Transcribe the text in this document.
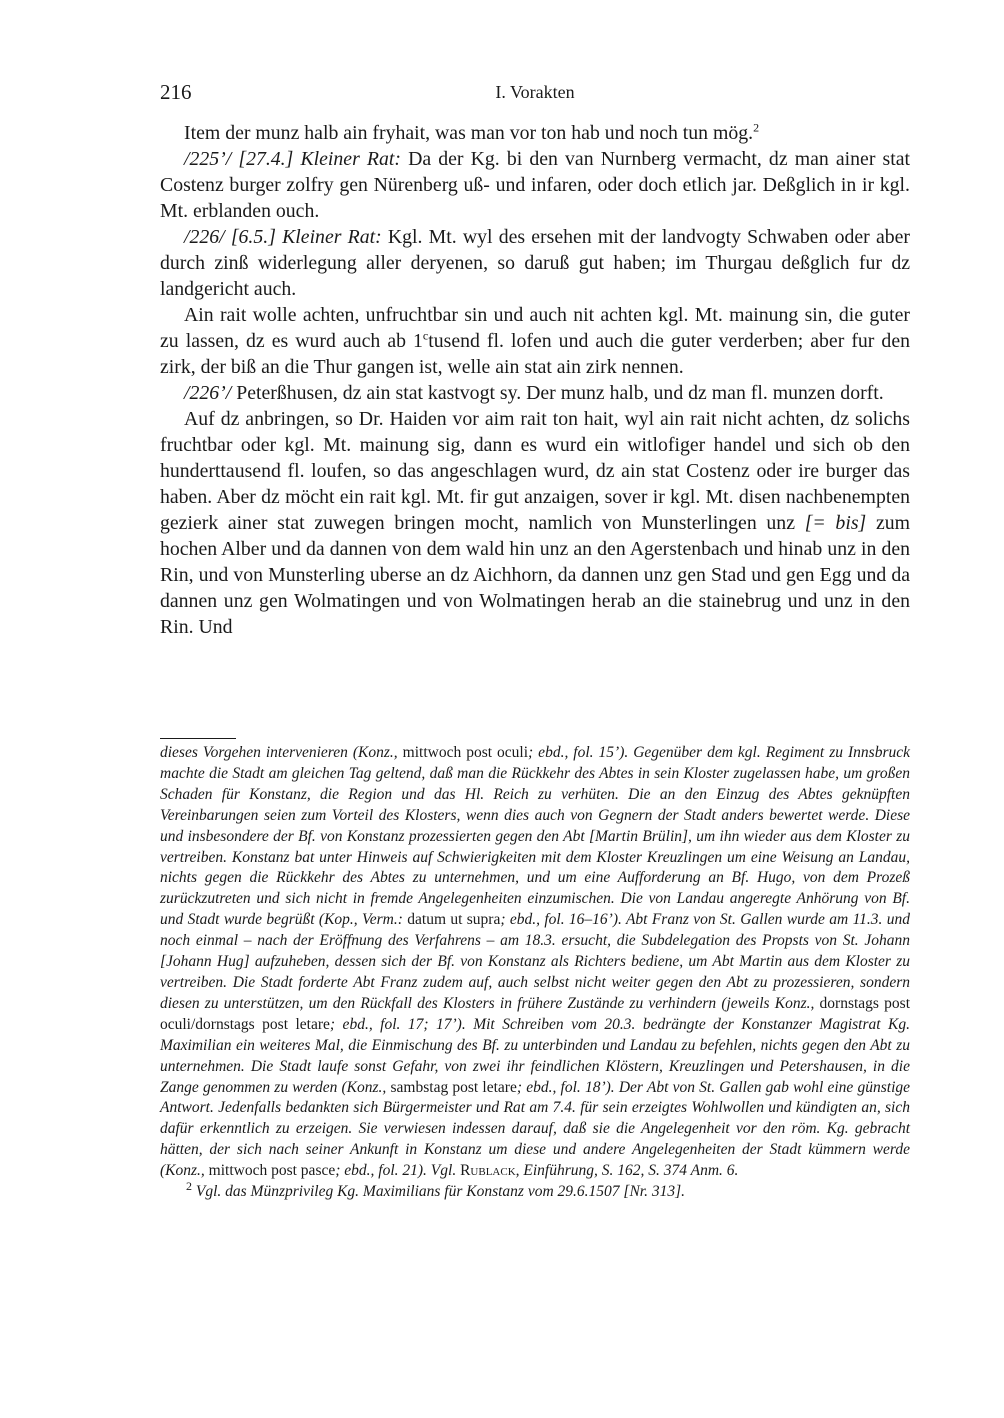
216	I. Vorakten

Item der munz halb ain fryhait, was man vor ton hab und noch tun mög.$^2$

/225’/ [27.4.] Kleiner Rat: Da der Kg. bi den van Nurnberg vermacht, dz man ainer stat Costenz burger zolfry gen Nürenberg uß- und infaren, oder doch etlich jar. Deßglich in ir kgl. Mt. erblanden ouch.

/226/ [6.5.] Kleiner Rat: Kgl. Mt. wyl des ersehen mit der landvogty Schwaben oder aber durch zinß widerlegung aller deryenen, so daruß gut haben; im Thurgau deßglich fur dz landgericht auch.

Ain rait wolle achten, unfruchtbar sin und auch nit achten kgl. Mt. mainung sin, die guter zu lassen, dz es wurd auch ab 1$^c$tusend fl. lofen und auch die guter verderben; aber fur den zirk, der biß an die Thur gangen ist, welle ain stat ain zirk nennen.

/226’/ Peterßhusen, dz ain stat kastvogt sy. Der munz halb, und dz man fl. munzen dorft.

Auf dz anbringen, so Dr. Haiden vor aim rait ton hait, wyl ain rait nicht achten, dz solichs fruchtbar oder kgl. Mt. mainung sig, dann es wurd ein witlofiger handel und sich ob den hunderttausend fl. loufen, so das angeschlagen wurd, dz ain stat Costenz oder ire burger das haben. Aber dz möcht ein rait kgl. Mt. fir gut anzaigen, sover ir kgl. Mt. disen nachbenempten gezierk ainer stat zuwegen bringen mocht, namlich von Munsterlingen unz [= bis] zum hochen Alber und da dannen von dem wald hin unz an den Agerstenbach und hinab unz in den Rin, und von Munsterling uberse an dz Aichhorn, da dannen unz gen Stad und gen Egg und da dannen unz gen Wolmatingen und von Wolmatingen herab an die stainebrug und unz in den Rin. Und

dieses Vorgehen intervenieren (Konz., mittwoch post oculi; ebd., fol. 15’). Gegenüber dem kgl. Regiment zu Innsbruck machte die Stadt am gleichen Tag geltend, daß man die Rückkehr des Abtes in sein Kloster zugelassen habe, um großen Schaden für Konstanz, die Region und das Hl. Reich zu verhüten. Die an den Einzug des Abtes geknüpften Vereinbarungen seien zum Vorteil des Klosters, wenn dies auch von Gegnern der Stadt anders bewertet werde. Diese und insbesondere der Bf. von Konstanz prozessierten gegen den Abt [Martin Brülin], um ihn wieder aus dem Kloster zu vertreiben. Konstanz bat unter Hinweis auf Schwierigkeiten mit dem Kloster Kreuzlingen um eine Weisung an Landau, nichts gegen die Rückkehr des Abtes zu unternehmen, und um eine Aufforderung an Bf. Hugo, von dem Prozeß zurückzutreten und sich nicht in fremde Angelegenheiten einzumischen. Die von Landau angeregte Anhörung von Bf. und Stadt wurde begrüßt (Kop., Verm.: datum ut supra; ebd., fol. 16–16’). Abt Franz von St. Gallen wurde am 11.3. und noch einmal – nach der Eröffnung des Verfahrens – am 18.3. ersucht, die Subdelegation des Propsts von St. Johann [Johann Hug] aufzuheben, dessen sich der Bf. von Konstanz als Richters bediene, um Abt Martin aus dem Kloster zu vertreiben. Die Stadt forderte Abt Franz zudem auf, auch selbst nicht weiter gegen den Abt zu prozessieren, sondern diesen zu unterstützen, um den Rückfall des Klosters in frühere Zustände zu verhindern (jeweils Konz., dornstags post oculi/dornstags post letare; ebd., fol. 17; 17’). Mit Schreiben vom 20.3. bedrängte der Konstanzer Magistrat Kg. Maximilian ein weiteres Mal, die Einmischung des Bf. zu unterbinden und Landau zu befehlen, nichts gegen den Abt zu unternehmen. Die Stadt laufe sonst Gefahr, von zwei ihr feindlichen Klöstern, Kreuzlingen und Petershausen, in die Zange genommen zu werden (Konz., sambstag post letare; ebd., fol. 18’). Der Abt von St. Gallen gab wohl eine günstige Antwort. Jedenfalls bedankten sich Bürgermeister und Rat am 7.4. für sein erzeigtes Wohlwollen und kündigten an, sich dafür erkenntlich zu erzeigen. Sie verwiesen indessen darauf, daß sie die Angelegenheit vor den röm. Kg. gebracht hätten, der sich nach seiner Ankunft in Konstanz um diese und andere Angelegenheiten der Stadt kümmern werde (Konz., mittwoch post pasce; ebd., fol. 21). Vgl. Rublack, Einführung, S. 162, S. 374 Anm. 6.

$^2$ Vgl. das Münzprivileg Kg. Maximilians für Konstanz vom 29.6.1507 [Nr. 313].
